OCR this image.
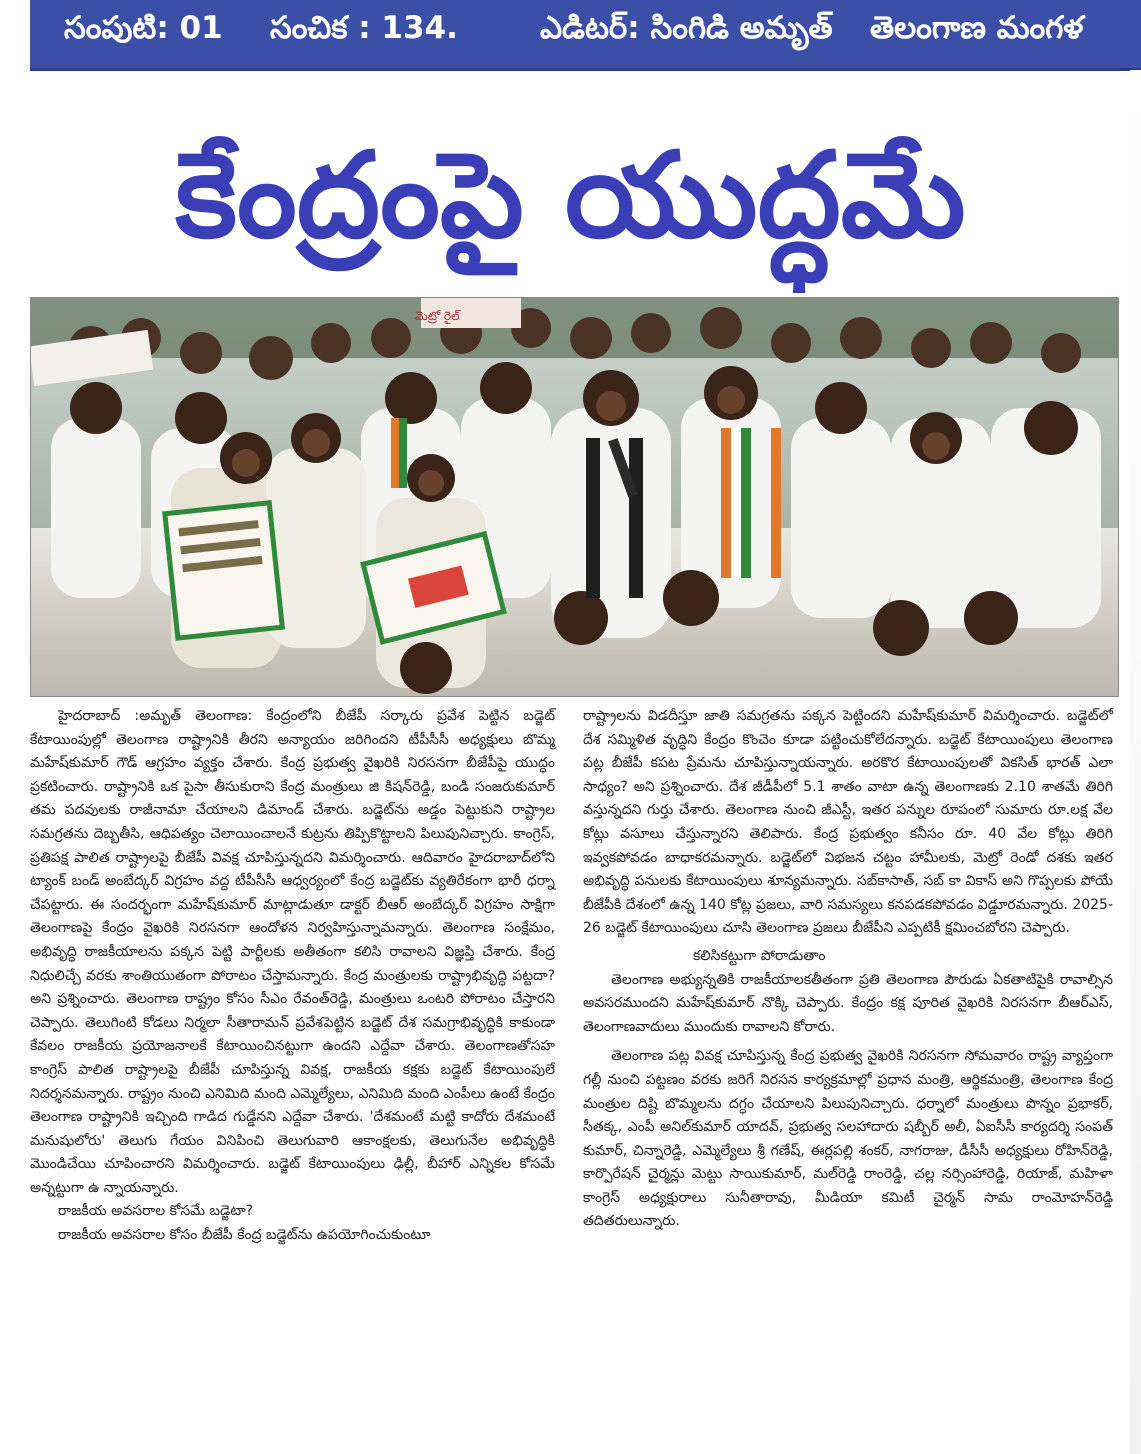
సంపుటి: 01 సంచిక : 134.	ఎడిటర్: సింగిడి అమృత్ తెలంగాణ మంగళ
కేంద్రంపై యుద్ధమే
మెట్రో రైల్

హైదరాబాద్ :అమృత్ తెలంగాణ: కేంద్రంలోని బీజేపీ సర్కారు ప్రవేశ పెట్టిన బడ్జెట్ కేటాయింపుల్లో తెలంగాణ రాష్ట్రానికి తీరని అన్యాయం జరిగిందని టీపీసీసీ అధ్యక్షులు బొమ్మ మహేష్‌కుమార్ గౌడ్ ఆగ్రహం వ్యక్తం చేశారు. కేంద్ర ప్రభుత్వ వైఖరికి నిరసనగా బీజేపీపై యుద్ధం ప్రకటించారు. రాష్ట్రానికి ఒక పైసా తీసుకురాని కేంద్ర మంత్రులు జి కిషన్‌రెడ్డి, బండి సంజరుకుమార్ తమ పదవులకు రాజీనామా చేయాలని డిమాండ్ చేశారు. బడ్జెట్‌ను అడ్డం పెట్టుకుని రాష్ట్రాల సమగ్రతను దెబ్బతీసి, ఆధిపత్యం చెలాయించాలనే కుట్రను తిప్పికొట్టాలని పిలుపునిచ్చారు. కాంగ్రెస్, ప్రతిపక్ష పాలిత రాష్ట్రాలపై బీజేపీ వివక్ష చూపిస్తున్నదని విమర్శించారు. ఆదివారం హైదరాబాద్‌లోని ట్యాంక్ బండ్ అంబేద్కర్ విగ్రహం వద్ద టీపీసీసీ ఆధ్వర్యంలో కేంద్ర బడ్జెట్‌కు వ్యతిరేకంగా భారీ ధర్నా చేపట్టారు. ఈ సందర్భంగా మహేష్‌కుమార్ మాట్లాడుతూ డాక్టర్ బీఆర్ అంబేద్కర్ విగ్రహం సాక్షిగా తెలంగాణపై కేంద్రం వైఖరికి నిరసనగా ఆందోళన నిర్వహిస్తున్నామన్నారు. తెలంగాణ సంక్షేమం, అభివృద్ధి రాజకీయాలను పక్కన పెట్టి పార్టీలకు అతీతంగా కలిసి రావాలని విజ్ఞప్తి చేశారు. కేంద్ర నిధులిచ్చే వరకు శాంతియుతంగా పోరాటం చేస్తామన్నారు. కేంద్ర మంత్రులకు రాష్ట్రాభివృద్ధి పట్టదా? అని ప్రశ్నించారు. తెలంగాణ రాష్ట్రం కోసం సీఎం రేవంత్‌రెడ్డి, మంత్రులు ఒంటరి పోరాటం చేస్తారని చెప్పారు. తెలుగింటి కోడలు నిర్మలా సీతారామన్ ప్రవేశపెట్టిన బడ్జెట్ దేశ సమగ్రాభివృద్ధికి కాకుండా కేవలం రాజకీయ ప్రయోజనాలకే కేటాయించినట్టుగా ఉందని ఎద్దేవా చేశారు. తెలంగాణతోసహ కాంగ్రెస్ పాలిత రాష్ట్రాలపై బీజేపీ చూపిస్తున్న వివక్ష, రాజకీయ కక్షకు బడ్జెట్ కేటాయింపులే నిదర్శనమన్నారు. రాష్ట్రం నుంచి ఎనిమిది మంది ఎమ్మెల్యేలు, ఎనిమిది మంది ఎంపీలు ఉంటే కేంద్రం తెలంగాణ రాష్ట్రానికి ఇచ్చింది గాడిద గుడ్డేనని ఎద్దేవా చేశారు. 'దేశమంటే మట్టి కాదోరు దేశమంటే మనుషులోరు' తెలుగు గేయం వినిపించి తెలుగువారి ఆకాంక్షలకు, తెలుగునేల అభివృద్ధికి మొండిచేయి చూపించారని విమర్శించారు. బడ్జెట్ కేటాయింపులు ఢిల్లీ, బీహార్ ఎన్నికల కోసమే అన్నట్టుగా ఉ న్నాయన్నారు.

రాజకీయ అవసరాల కోసమే బడ్జెటా?

రాజకీయ అవసరాల కోసం బీజేపీ కేంద్ర బడ్జెట్‌ను ఉపయోగించుకుంటూ

రాష్ట్రాలను విడదీస్తూ జాతి సమగ్రతను పక్కన పెట్టిందని మహేష్‌కుమార్ విమర్శించారు. బడ్జెట్‌లో దేశ సమ్మిళిత వృద్ధిని కేంద్రం కొంచెం కూడా పట్టించుకోలేదన్నారు. బడ్జెట్ కేటాయింపులు తెలంగాణ పట్ల బీజేపీ కపట ప్రేమను చూపిస్తున్నాయన్నారు. అరకొర కేటాయింపులతో వికసిత్ భారత్ ఎలా సాధ్యం? అని ప్రశ్నించారు. దేశ జీడీపీలో 5.1 శాతం వాటా ఉన్న తెలంగాణకు 2.10 శాతమే తిరిగి వస్తున్నదని గుర్తు చేశారు. తెలంగాణ నుంచి జీఎస్టీ, ఇతర పన్నుల రూపంలో సుమారు రూ.లక్ష వేల కోట్లు వసూలు చేస్తున్నారని తెలిపారు. కేంద్ర ప్రభుత్వం కనీసం రూ. 40 వేల కోట్లు తిరిగి ఇవ్వకపోవడం బాధాకరమన్నారు. బడ్జెట్‌లో విభజన చట్టం హామీలకు, మెట్రో రెండో దశకు ఇతర అభివృద్ధి పనులకు కేటాయింపులు శూన్యమన్నారు. సబ్‌కాసాత్, సబ్ కా వికాస్ అని గొప్పలకు పోయే బీజేపీకి దేశంలో ఉన్న 140 కోట్ల ప్రజలు, వారి సమస్యలు కనపడకపోవడం విడ్డూరమన్నారు. 2025-26 బడ్జెట్ కేటాయింపులు చూసి తెలంగాణ ప్రజలు బీజేపీని ఎప్పటికీ క్షమించబోరని చెప్పారు.

కలిసికట్టుగా పోరాడుతాం

తెలంగాణ అభ్యున్నతికి రాజకీయాలకతీతంగా ప్రతి తెలంగాణ పౌరుడు ఏకతాటిపైకి రావాల్సిన అవసరముందని మహేష్‌కుమార్ నొక్కి చెప్పారు. కేంద్రం కక్ష పూరిత వైఖరికి నిరసనగా బీఆర్ఎస్, తెలంగాణవాదులు ముందుకు రావాలని కోరారు.

తెలంగాణ పట్ల వివక్ష చూపిస్తున్న కేంద్ర ప్రభుత్వ వైఖరికి నిరసనగా సోమవారం రాష్ట్ర వ్యాప్తంగా గల్లీ నుంచి పట్టణం వరకు జరిగే నిరసన కార్యక్రమాల్లో ప్రధాన మంత్రి, ఆర్థికమంత్రి, తెలంగాణ కేంద్ర మంత్రుల దిష్టి బొమ్మలను దగ్ధం చేయాలని పిలుపునిచ్చారు. ధర్నాలో మంత్రులు పొన్నం ప్రభాకర్, సీతక్క, ఎంపీ అనిల్‌కుమార్ యాదవ్, ప్రభుత్వ సలహాదారు షబ్బీర్ అలీ, ఏఐసీసీ కార్యదర్శి సంపత్ కుమార్, చిన్నారెడ్డి, ఎమ్మెల్యేలు శ్రీ గణేష్, ఈర్లపల్లి శంకర్, నాగరాజు, డీసీసీ అధ్యక్షులు రోహిన్‌రెడ్డి, కార్పొరేషన్ చైర్మన్లు మెట్టు సాయికుమార్, మల్‌రెడ్డి రాంరెడ్డి, చల్ల నర్సింహారెడ్డి, రియాజ్, మహిళా కాంగ్రెస్ అధ్యక్షురాలు సునీతారావు, మీడియా కమిటీ చైర్మన్ సామ రాంమోహన్‌రెడ్డి తదితరులున్నారు.
